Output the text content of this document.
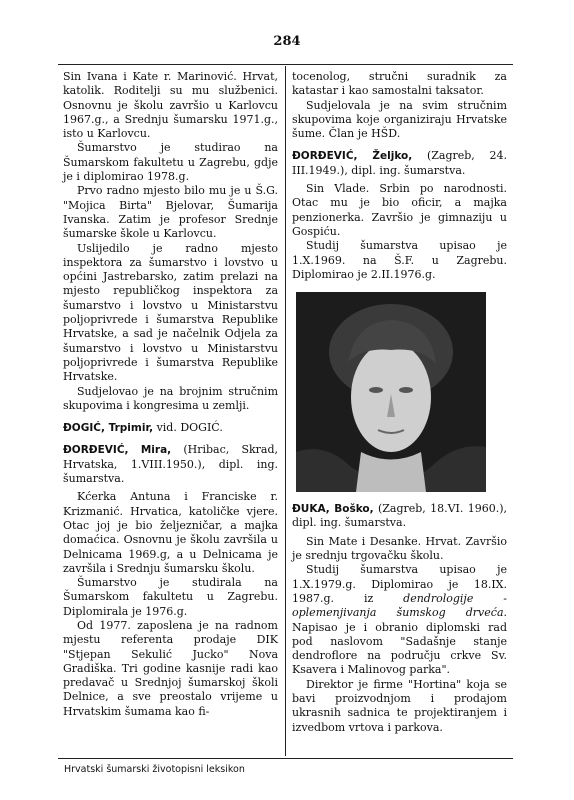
284

Sin Ivana i Kate r. Marinović. Hrvat, katolik. Roditelji su mu službenici. Osnovnu je školu završio u Karlovcu 1967.g., a Srednju šumarsku 1971.g., isto u Karlovcu.

Šumarstvo je studirao na Šumarskom fakultetu u Zagrebu, gdje je i diplomirao 1978.g.

Prvo radno mjesto bilo mu je u Š.G. "Mojica Birta" Bjelovar, Šumarija Ivanska. Zatim je profesor Srednje šumarske škole u Karlovcu.

Uslijedilo je radno mjesto inspektora za šumarstvo i lovstvo u općini Jastrebarsko, zatim prelazi na mjesto republičkog inspektora za šumarstvo i lovstvo u Ministarstvu poljoprivrede i šumarstva Republike Hrvatske, a sad je načelnik Odjela za šumarstvo i lovstvo u Ministarstvu poljoprivrede i šumarstva Republike Hrvatske.

Sudjelovao je na brojnim stručnim skupovima i kongresima u zemlji.

ĐOGIĆ, Trpimir, vid. DOGIĆ.

ĐORĐEVIĆ, Mira, (Hribac, Skrad, Hrvatska, 1.VIII.1950.), dipl. ing. šumarstva.

Kćerka Antuna i Franciske r. Krizmanić. Hrvatica, katoličke vjere. Otac joj je bio željezničar, a majka domaćica. Osnovnu je školu završila u Delnicama 1969.g, a u Delnicama je završila i Srednju šumarsku školu.

Šumarstvo je studirala na Šumarskom fakultetu u Zagrebu. Diplomirala je 1976.g.

Od 1977. zaposlena je na radnom mjestu referenta prodaje DIK "Stjepan Sekulić Jucko" Nova Gradiška. Tri godine kasnije radi kao predavač u Srednjoj šumarskoj školi Delnice, a sve preostalo vrijeme u Hrvatskim šumama kao fi-

tocenolog, stručni suradnik za katastar i kao samostalni taksator.

Sudjelovala je na svim stručnim skupovima koje organiziraju Hrvatske šume. Član je HŠD.

ĐORĐEVIĆ, Željko, (Zagreb, 24. III.1949.), dipl. ing. šumarstva.

Sin Vlade. Srbin po narodnosti. Otac mu je bio oficir, a majka penzionerka. Završio je gimnaziju u Gospiću.

Studij šumarstva upisao je 1.X.1969. na Š.F. u Zagrebu. Diplomirao je 2.II.1976.g.

ĐUKA, Boško, (Zagreb, 18.VI. 1960.), dipl. ing. šumarstva.

Sin Mate i Desanke. Hrvat. Završio je srednju trgovačku školu.

Studij šumarstva upisao je 1.X.1979.g. Diplomirao je 18.IX. 1987.g. iz dendrologije - oplemenjivanja šumskog drveća. Napisao je i obranio diplomski rad pod naslovom "Sadašnje stanje dendroflore na području crkve Sv. Ksavera i Malinovog parka".

Direktor je firme "Hortina" koja se bavi proizvodnjom i prodajom ukrasnih sadnica te projektiranjem i izvedbom vrtova i parkova.

Hrvatski šumarski životopisni leksikon
